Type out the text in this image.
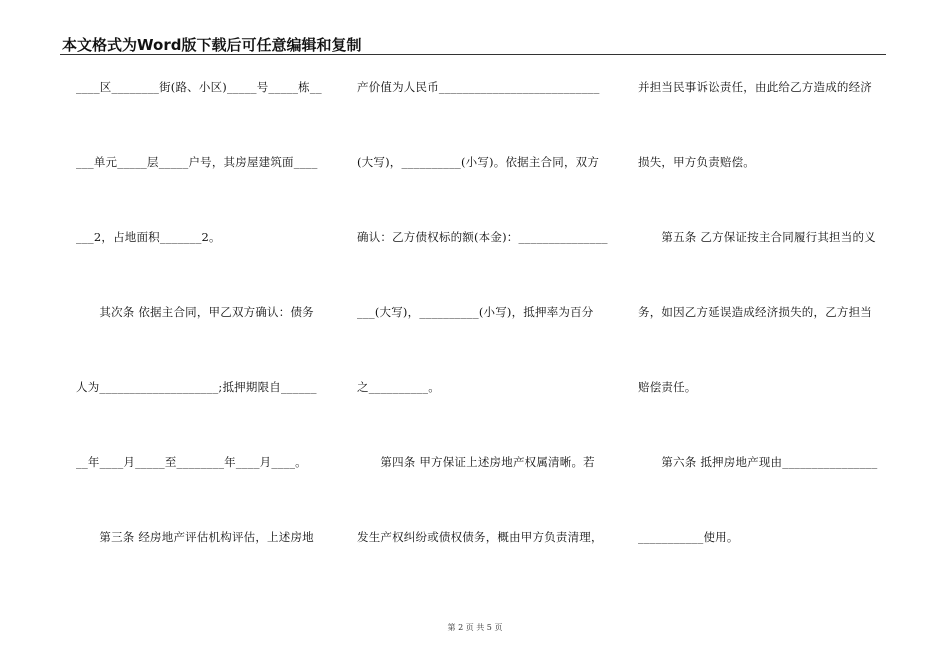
本文格式为Word版下载后可任意编辑和复制
____区________街(路、小区)_____号_____栋__
___单元_____层_____户号，其房屋建筑面____
___2，占地面积_______2。
　　其次条 依据主合同，甲乙双方确认：债务
人为____________________;抵押期限自______
__年____月_____至________年____月____。
　　第三条 经房地产评估机构评估，上述房地
产价值为人民币___________________________
(大写)，__________(小写)。依据主合同，双方
确认：乙方债权标的额(本金)：_______________
___(大写)，__________(小写)，抵押率为百分
之__________。
　　第四条 甲方保证上述房地产权属清晰。若
发生产权纠纷或债权债务，概由甲方负责清理，
并担当民事诉讼责任，由此给乙方造成的经济
损失，甲方负责赔偿。
　　第五条 乙方保证按主合同履行其担当的义
务，如因乙方延误造成经济损失的，乙方担当
赔偿责任。
　　第六条 抵押房地产现由________________
___________使用。
第 2 页 共 5 页
